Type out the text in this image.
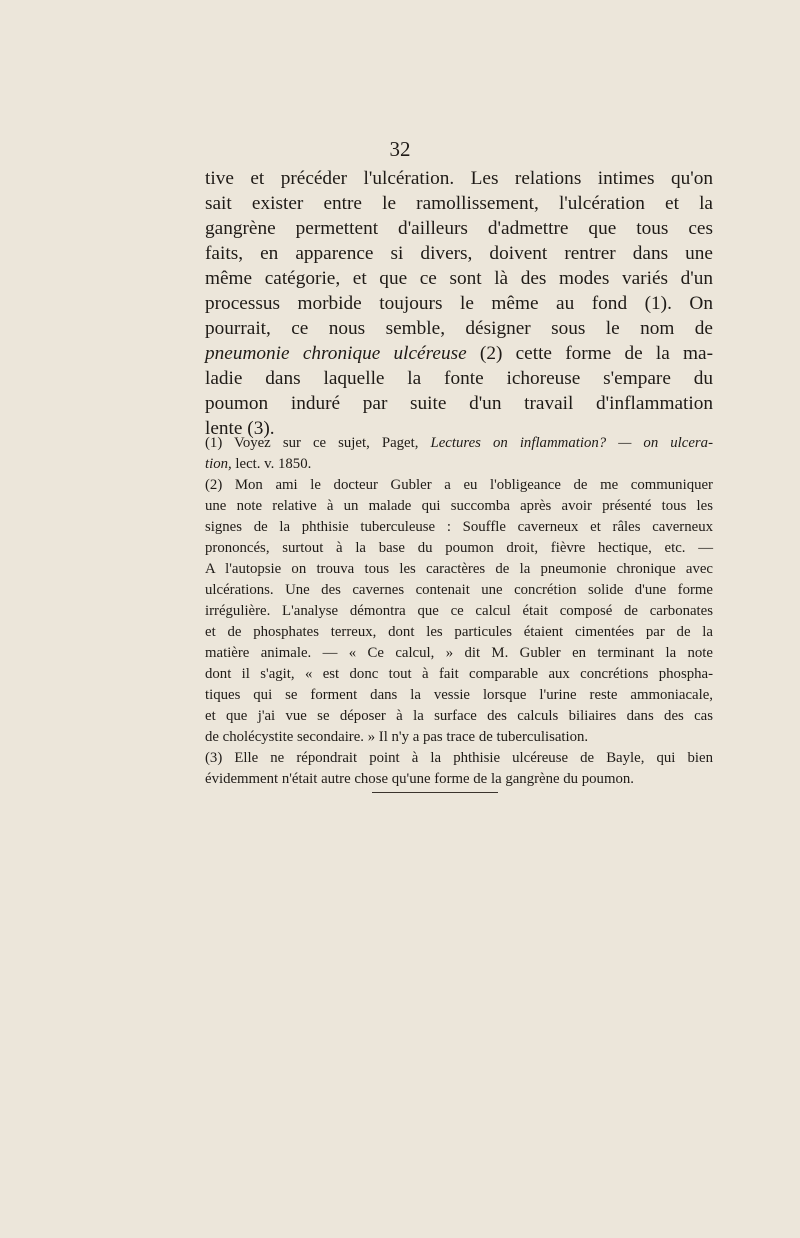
32
tive et précéder l'ulcération. Les relations intimes qu'on
sait exister entre le ramollissement, l'ulcération et la
gangrène permettent d'ailleurs d'admettre que tous ces
faits, en apparence si divers, doivent rentrer dans une
même catégorie, et que ce sont là des modes variés d'un
processus morbide toujours le même au fond (1). On
pourrait, ce nous semble, désigner sous le nom de
pneumonie chronique ulcéreuse (2) cette forme de la ma-
ladie dans laquelle la fonte ichoreuse s'empare du
poumon induré par suite d'un travail d'inflammation
lente (3).
(1) Voyez sur ce sujet, Paget, Lectures on inflammation? — on ulcera-
tion, lect. v. 1850.
(2) Mon ami le docteur Gubler a eu l'obligeance de me communiquer
une note relative à un malade qui succomba après avoir présenté tous les
signes de la phthisie tuberculeuse : Souffle caverneux et râles caverneux
prononcés, surtout à la base du poumon droit, fièvre hectique, etc. —
A l'autopsie on trouva tous les caractères de la pneumonie chronique avec
ulcérations. Une des cavernes contenait une concrétion solide d'une forme
irrégulière. L'analyse démontra que ce calcul était composé de carbonates
et de phosphates terreux, dont les particules étaient cimentées par de la
matière animale. — « Ce calcul, » dit M. Gubler en terminant la note
dont il s'agit, « est donc tout à fait comparable aux concrétions phospha-
tiques qui se forment dans la vessie lorsque l'urine reste ammoniacale,
et que j'ai vue se déposer à la surface des calculs biliaires dans des cas
de cholécystite secondaire. » Il n'y a pas trace de tuberculisation.
(3) Elle ne répondrait point à la phthisie ulcéreuse de Bayle, qui bien
évidemment n'était autre chose qu'une forme de la gangrène du poumon.
